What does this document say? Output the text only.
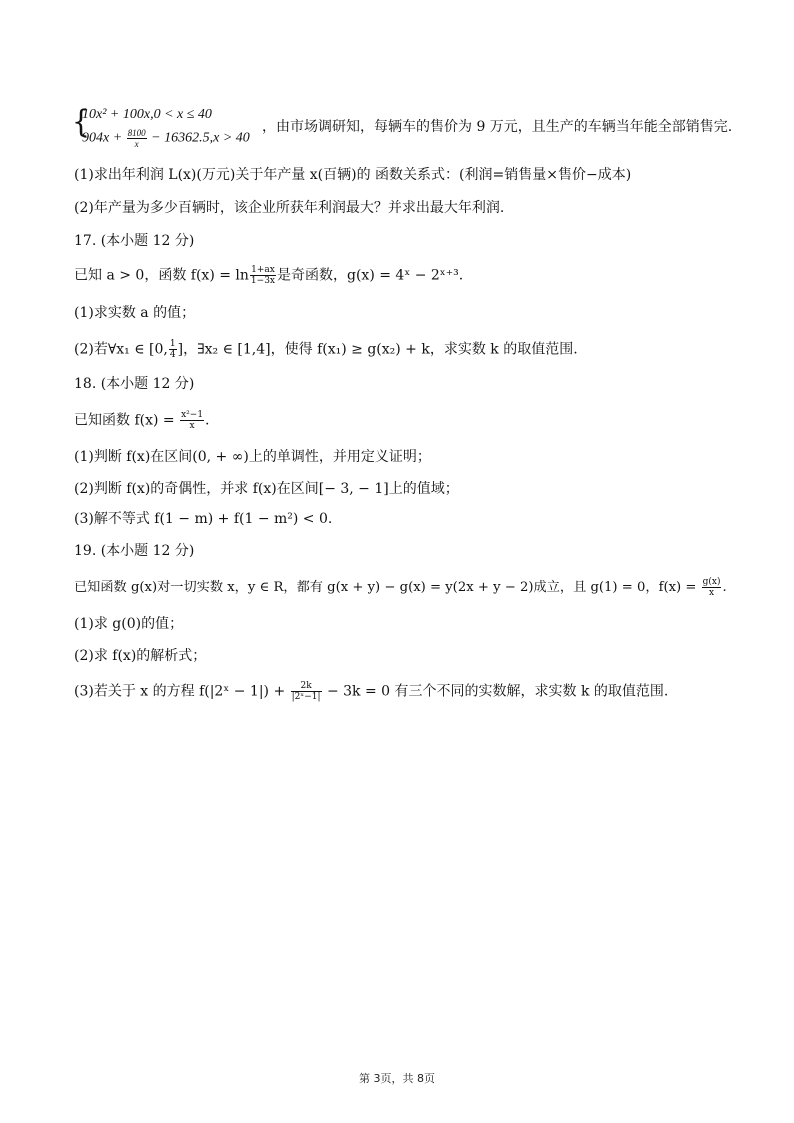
{
10x² + 100x,0 < x ≤ 40
$904x + \frac{8100}{x} - 16362.5,x > 40$
，由市场调研知，每辆车的售价为 9 万元，且生产的车辆当年能全部销售完.
(1)求出年利润 L(x)(万元)关于年产量 x(百辆)的 函数关系式：(利润=销售量×售价−成本)
(2)年产量为多少百辆时，该企业所获年利润最大？并求出最大年利润.
17. (本小题 12 分)
已知 a > 0，函数 $f(x) = \ln \frac{1+ax}{1-3x}$ 是奇函数，g(x) = 4ˣ − 2ˣ⁺³.
(1)求实数 a 的值；
(2)若∀x₁ ∈ [0, $\frac{1}{4}$ ]，∃x₂ ∈ [1,4]，使得 f(x₁) ≥ g(x₂) + k，求实数 k 的取值范围.
18. (本小题 12 分)
已知函数 $f(x) = \frac{\text{x²−1}}{x}$ .
(1)判断 f(x)在区间(0, + ∞)上的单调性，并用定义证明；
(2)判断 f(x)的奇偶性，并求 f(x)在区间[− 3, − 1]上的值域；
(3)解不等式 f(1 − m) + f(1 − m²) < 0.
19. (本小题 12 分)
已知函数 g(x)对一切实数 x，y ∈ R，都有 g(x + y) − g(x) = y(2x + y − 2)成立，且 g(1) = 0，$f(x) = \frac{g(x)}{x}$ .
(1)求 g(0)的值；
(2)求 f(x)的解析式；
(3)若关于 x 的方程 f(|2ˣ − $1|) + \frac{2k}{\text{|2ˣ−1|}} - 3k = 0$ 有三个不同的实数解，求实数 k 的取值范围.
第 3页，共 8页
